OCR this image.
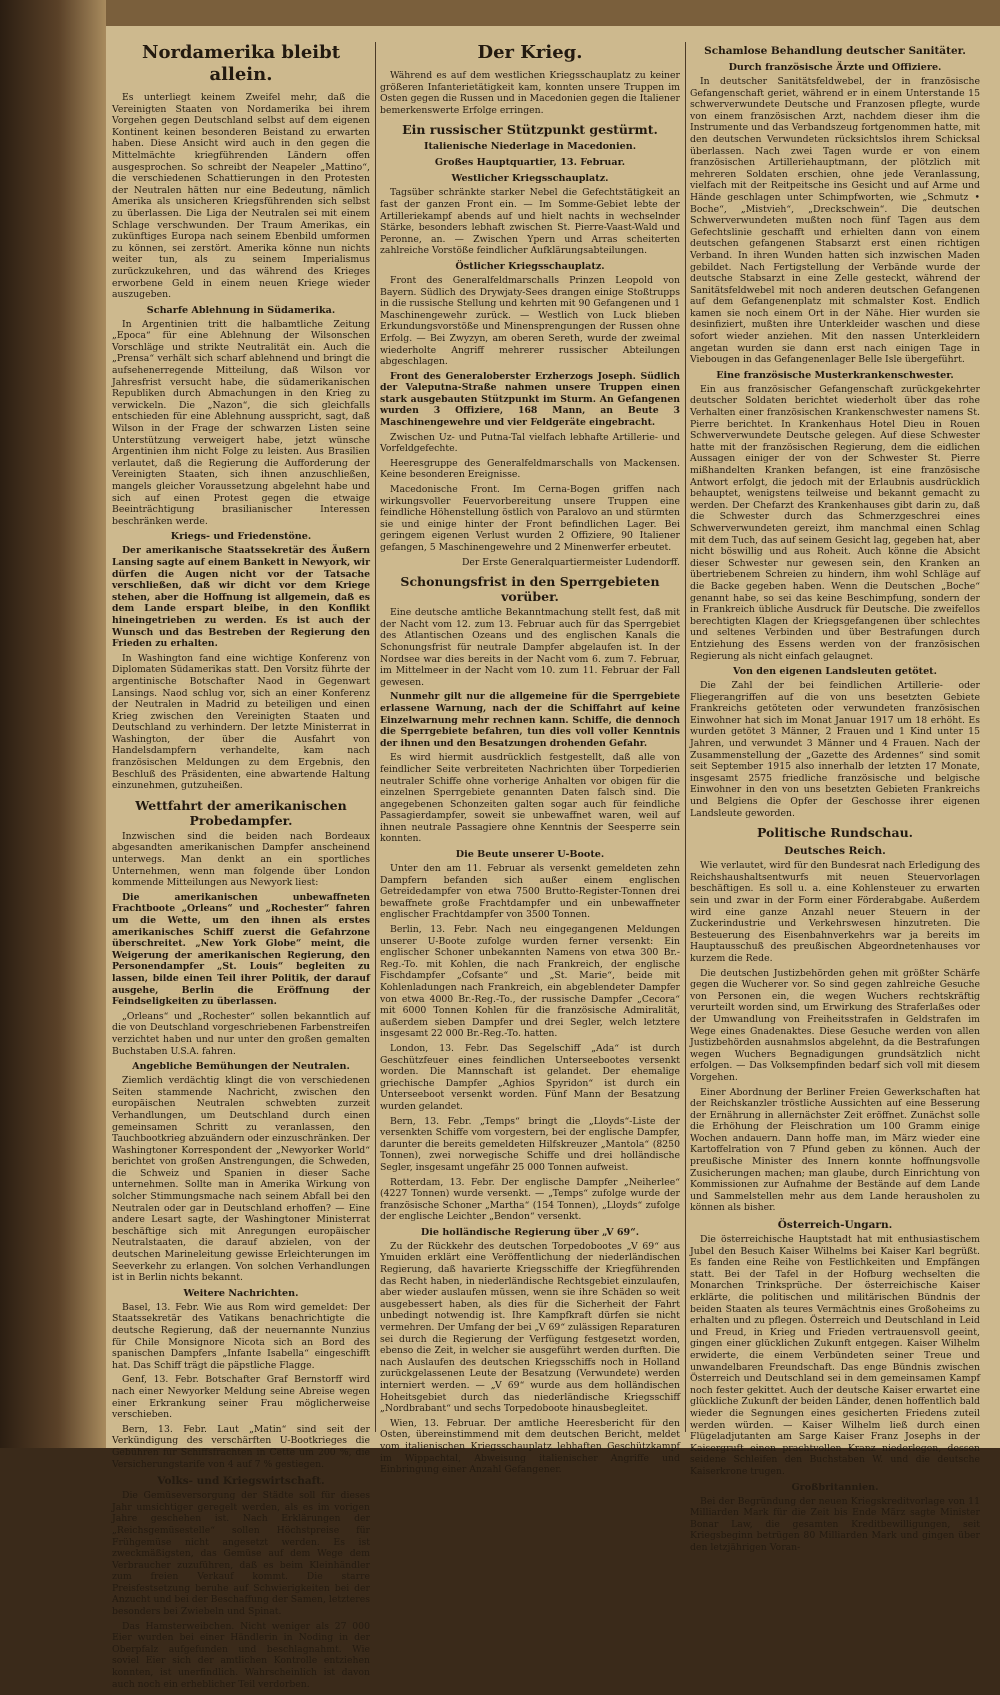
Nordamerika bleibt allein.

Es unterliegt keinem Zweifel mehr, daß die Vereinigten Staaten von Nordamerika bei ihrem Vorgehen gegen Deutschland selbst auf dem eigenen Kontinent keinen besonderen Beistand zu erwarten haben. Diese Ansicht wird auch in den gegen die Mittelmächte kriegführenden Ländern offen ausgesprochen. So schreibt der Neapeler „Mattino“, die verschiedenen Schattierungen in den Protesten der Neutralen hätten nur eine Bedeutung, nämlich Amerika als unsicheren Kriegsführenden sich selbst zu überlassen. Die Liga der Neutralen sei mit einem Schlage verschwunden. Der Traum Amerikas, ein zukünftiges Europa nach seinem Ebenbild umformen zu können, sei zerstört. Amerika könne nun nichts weiter tun, als zu seinem Imperialismus zurückzukehren, und das während des Krieges erworbene Geld in einem neuen Kriege wieder auszugeben.

Scharfe Ablehnung in Südamerika.

In Argentinien tritt die halbamtliche Zeitung „Epoca“ für eine Ablehnung der Wilsonschen Vorschläge und strikte Neutralität ein. Auch die „Prensa“ verhält sich scharf ablehnend und bringt die aufsehenerregende Mitteilung, daß Wilson vor Jahresfrist versucht habe, die südamerikanischen Republiken durch Abmachungen in den Krieg zu verwickeln. Die „Nazon“, die sich gleichfalls entschieden für eine Ablehnung ausspricht, sagt, daß Wilson in der Frage der schwarzen Listen seine Unterstützung verweigert habe, jetzt wünsche Argentinien ihm nicht Folge zu leisten. Aus Brasilien verlautet, daß die Regierung die Aufforderung der Vereinigten Staaten, sich ihnen anzuschließen, mangels gleicher Voraussetzung abgelehnt habe und sich auf einen Protest gegen die etwaige Beeinträchtigung brasilianischer Interessen beschränken werde.

Kriegs- und Friedenstöne.

Der amerikanische Staatssekretär des Äußern Lansing sagte auf einem Bankett in Newyork, wir dürfen die Augen nicht vor der Tatsache verschließen, daß wir dicht vor dem Kriege stehen, aber die Hoffnung ist allgemein, daß es dem Lande erspart bleibe, in den Konflikt hineingetrieben zu werden. Es ist auch der Wunsch und das Bestreben der Regierung den Frieden zu erhalten.

In Washington fand eine wichtige Konferenz von Diplomaten Südamerikas statt. Den Vorsitz führte der argentinische Botschafter Naod in Gegenwart Lansings. Naod schlug vor, sich an einer Konferenz der Neutralen in Madrid zu beteiligen und einen Krieg zwischen den Vereinigten Staaten und Deutschland zu verhindern. Der letzte Ministerrat in Washington, der über die Ausfahrt von Handelsdampfern verhandelte, kam nach französischen Meldungen zu dem Ergebnis, den Beschluß des Präsidenten, eine abwartende Haltung einzunehmen, gutzuheißen.

Wettfahrt der amerikanischen Probedampfer.

Inzwischen sind die beiden nach Bordeaux abgesandten amerikanischen Dampfer anscheinend unterwegs. Man denkt an ein sportliches Unternehmen, wenn man folgende über London kommende Mitteilungen aus Newyork liest:

Die amerikanischen unbewaffneten Frachtboote „Orleans“ und „Rochester“ fahren um die Wette, um den ihnen als erstes amerikanisches Schiff zuerst die Gefahrzone überschreitet. „New York Globe“ meint, die Weigerung der amerikanischen Regierung, den Personendampfer „St. Louis“ begleiten zu lassen, bilde einen Teil ihrer Politik, der darauf ausgehe, Berlin die Eröffnung der Feindseligkeiten zu überlassen.

„Orleans“ und „Rochester“ sollen bekanntlich auf die von Deutschland vorgeschriebenen Farbenstreifen verzichtet haben und nur unter den großen gemalten Buchstaben U.S.A. fahren.

Angebliche Bemühungen der Neutralen.

Ziemlich verdächtig klingt die von verschiedenen Seiten stammende Nachricht, zwischen den europäischen Neutralen schwebten zurzeit Verhandlungen, um Deutschland durch einen gemeinsamen Schritt zu veranlassen, den Tauchbootkrieg abzuändern oder einzuschränken. Der Washingtoner Korrespondent der „Newyorker World“ berichtet von großen Anstrengungen, die Schweden, die Schweiz und Spanien in dieser Sache unternehmen. Sollte man in Amerika Wirkung von solcher Stimmungsmache nach seinem Abfall bei den Neutralen oder gar in Deutschland erhoffen? — Eine andere Lesart sagte, der Washingtoner Ministerrat beschäftige sich mit Anregungen europäischer Neutralstaaten, die darauf abzielen, von der deutschen Marineleitung gewisse Erleichterungen im Seeverkehr zu erlangen. Von solchen Verhandlungen ist in Berlin nichts bekannt.

Weitere Nachrichten.

Basel, 13. Febr. Wie aus Rom wird gemeldet: Der Staatssekretär des Vatikans benachrichtigte die deutsche Regierung, daß der neuernannte Nunzius für Chile Monsignore Nicota sich an Bord des spanischen Dampfers „Infante Isabella“ eingeschifft hat. Das Schiff trägt die päpstliche Flagge.

Genf, 13. Febr. Botschafter Graf Bernstorff wird nach einer Newyorker Meldung seine Abreise wegen einer Erkrankung seiner Frau möglicherweise verschieben.

Bern, 13. Febr. Laut „Matin“ sind seit der Verkündigung des verschärften U-Bootkrieges die Gebühren für Schiffsfrachten in Cette um 200 %, die Versicherungstarife von 4 auf 7 % gestiegen.

Volks- und Kriegswirtschaft.

Die Gemüseversorgung der Städte soll für dieses Jahr umsichtiger geregelt werden, als es im vorigen Jahre geschehen ist. Nach Erklärungen der „Reichsgemüsestelle“ sollen Höchstpreise für Frühgemüse nicht angesetzt werden. Es ist zweckmäßigsten, das Gemüse auf dem Wege dem Verbraucher zuzuführen, daß es beim Kleinhändler zum freien Verkauf kommt. Die starre Preisfestsetzung beruhe auf Schwierigkeiten bei der Anzucht und bei der Beschaffung der Samen, letzteres besonders bei Zwiebeln und Spinat.

Das Hamsterweibchen. Nicht weniger als 27 000 Eier wurden bei einer Händlerin in Noding in der Oberpfalz aufgefunden und beschlagnahmt. Wie soviel Eier sich der amtlichen Kontrolle entziehen konnten, ist unerfindlich. Wahrscheinlich ist davon auch noch ein erheblicher Teil verdorben.

Der Krieg.

Während es auf dem westlichen Kriegsschauplatz zu keiner größeren Infanterietätigkeit kam, konnten unsere Truppen im Osten gegen die Russen und in Macedonien gegen die Italiener bemerkenswerte Erfolge erringen.

Ein russischer Stützpunkt gestürmt.
Italienische Niederlage in Macedonien.
Großes Hauptquartier, 13. Februar.
Westlicher Kriegsschauplatz.

Tagsüber schränkte starker Nebel die Gefechtstätigkeit an fast der ganzen Front ein. — Im Somme-Gebiet lebte der Artilleriekampf abends auf und hielt nachts in wechselnder Stärke, besonders lebhaft zwischen St. Pierre-Vaast-Wald und Peronne, an. — Zwischen Ypern und Arras scheiterten zahlreiche Vorstöße feindlicher Aufklärungsabteilungen.

Östlicher Kriegsschauplatz.

Front des Generalfeldmarschalls Prinzen Leopold von Bayern. Südlich des Drywjaty-Sees drangen einige Stoßtrupps in die russische Stellung und kehrten mit 90 Gefangenen und 1 Maschinengewehr zurück. — Westlich von Luck blieben Erkundungsvorstöße und Minensprengungen der Russen ohne Erfolg. — Bei Zwyzyn, am oberen Sereth, wurde der zweimal wiederholte Angriff mehrerer russischer Abteilungen abgeschlagen.

Front des Generaloberster Erzherzogs Joseph. Südlich der Valeputna-Straße nahmen unsere Truppen einen stark ausgebauten Stützpunkt im Sturm. An Gefangenen wurden 3 Offiziere, 168 Mann, an Beute 3 Maschinengewehre und vier Feldgeräte eingebracht.

Zwischen Uz- und Putna-Tal vielfach lebhafte Artillerie- und Vorfeldgefechte.

Heeresgruppe des Generalfeldmarschalls von Mackensen. Keine besonderen Ereignisse.

Macedonische Front. Im Cerna-Bogen griffen nach wirkungsvoller Feuervorbereitung unsere Truppen eine feindliche Höhenstellung östlich von Paralovo an und stürmten sie und einige hinter der Front befindlichen Lager. Bei geringem eigenen Verlust wurden 2 Offiziere, 90 Italiener gefangen, 5 Maschinengewehre und 2 Minenwerfer erbeutet.

Der Erste Generalquartiermeister Ludendorff.

Schonungsfrist in den Sperrgebieten vorüber.

Eine deutsche amtliche Bekanntmachung stellt fest, daß mit der Nacht vom 12. zum 13. Februar auch für das Sperrgebiet des Atlantischen Ozeans und des englischen Kanals die Schonungsfrist für neutrale Dampfer abgelaufen ist. In der Nordsee war dies bereits in der Nacht vom 6. zum 7. Februar, im Mittelmeer in der Nacht vom 10. zum 11. Februar der Fall gewesen.

Nunmehr gilt nur die allgemeine für die Sperrgebiete erlassene Warnung, nach der die Schiffahrt auf keine Einzelwarnung mehr rechnen kann. Schiffe, die dennoch die Sperrgebiete befahren, tun dies voll voller Kenntnis der ihnen und den Besatzungen drohenden Gefahr.

Es wird hiermit ausdrücklich festgestellt, daß alle von feindlicher Seite verbreiteten Nachrichten über Torpedierien neutraler Schiffe ohne vorherige Anhalten vor obigen für die einzelnen Sperrgebiete genannten Daten falsch sind. Die angegebenen Schonzeiten galten sogar auch für feindliche Passagierdampfer, soweit sie unbewaffnet waren, weil auf ihnen neutrale Passagiere ohne Kenntnis der Seesperre sein konnten.

Die Beute unserer U-Boote.

Unter den am 11. Februar als versenkt gemeldeten zehn Dampfern befanden sich außer einem englischen Getreidedampfer von etwa 7500 Brutto-Register-Tonnen drei bewaffnete große Frachtdampfer und ein unbewaffneter englischer Frachtdampfer von 3500 Tonnen.

Berlin, 13. Febr. Nach neu eingegangenen Meldungen unserer U-Boote zufolge wurden ferner versenkt: Ein englischer Schoner unbekannten Namens von etwa 300 Br.-Reg.-To. mit Kohlen, die nach Frankreich, der englische Fischdampfer „Cofsante“ und „St. Marie“, beide mit Kohlenladungen nach Frankreich, ein abgeblendeter Dampfer von etwa 4000 Br.-Reg.-To., der russische Dampfer „Cecora“ mit 6000 Tonnen Kohlen für die französische Admiralität, außerdem sieben Dampfer und drei Segler, welch letztere insgesamt 22 000 Br.-Reg.-To. hatten.

London, 13. Febr. Das Segelschiff „Ada“ ist durch Geschützfeuer eines feindlichen Unterseebootes versenkt worden. Die Mannschaft ist gelandet. Der ehemalige griechische Dampfer „Aghios Spyridon“ ist durch ein Unterseeboot versenkt worden. Fünf Mann der Besatzung wurden gelandet.

Bern, 13. Febr. „Temps“ bringt die „Lloyds“-Liste der versenkten Schiffe vom vorgestern, bei der englische Dampfer, darunter die bereits gemeldeten Hilfskreuzer „Mantola“ (8250 Tonnen), zwei norwegische Schiffe und drei holländische Segler, insgesamt ungefähr 25 000 Tonnen aufweist.

Rotterdam, 13. Febr. Der englische Dampfer „Neiherlee“ (4227 Tonnen) wurde versenkt. — „Temps“ zufolge wurde der französische Schoner „Martha“ (154 Tonnen), „Lloyds“ zufolge der englische Leichter „Bendon“ versenkt.

Die holländische Regierung über „V 69“.

Zu der Rückkehr des deutschen Torpedobootes „V 69“ aus Ymuiden erklärt eine Veröffentlichung der niederländischen Regierung, daß havarierte Kriegsschiffe der Kriegführenden das Recht haben, in niederländische Rechtsgebiet einzulaufen, aber wieder auslaufen müssen, wenn sie ihre Schäden so weit ausgebessert haben, als dies für die Sicherheit der Fahrt unbedingt notwendig ist. Ihre Kampfkraft dürfen sie nicht vermehren. Der Umfang der bei „V 69“ zulässigen Reparaturen sei durch die Regierung der Verfügung festgesetzt worden, ebenso die Zeit, in welcher sie ausgeführt werden durften. Die nach Auslaufen des deutschen Kriegsschiffs noch in Holland zurückgelassenen Leute der Besatzung (Verwundete) werden interniert werden. — „V 69“ wurde aus dem holländischen Hoheitsgebiet durch das niederländische Kriegsschiff „Nordbrabant“ und sechs Torpedoboote hinausbegleitet.

Wien, 13. Februar. Der amtliche Heeresbericht für den Osten, übereinstimmend mit dem deutschen Bericht, meldet vom italienischen Kriegsschauplatz lebhaften Geschützkampf im Wippachtal, Abweisung italienischer Angriffe und Einbringung einer Anzahl Gefangener.

Schamlose Behandlung deutscher Sanitäter.
Durch französische Ärzte und Offiziere.

In deutscher Sanitätsfeldwebel, der in französische Gefangenschaft geriet, während er in einem Unterstande 15 schwerverwundete Deutsche und Franzosen pflegte, wurde von einem französischen Arzt, nachdem dieser ihm die Instrumente und das Verbandszeug fortgenommen hatte, mit den deutschen Verwundeten rücksichtslos ihrem Schicksal überlassen. Nach zwei Tagen wurde er von einem französischen Artilleriehauptmann, der plötzlich mit mehreren Soldaten erschien, ohne jede Veranlassung, vielfach mit der Reitpeitsche ins Gesicht und auf Arme und Hände geschlagen unter Schimpfworten, wie „Schmutz • Boche“, „Mistvieh“, „Dreckschwein“. Die deutschen Schwerverwundeten mußten noch fünf Tagen aus dem Gefechtslinie geschafft und erhielten dann von einem deutschen gefangenen Stabsarzt erst einen richtigen Verband. In ihren Wunden hatten sich inzwischen Maden gebildet. Nach Fertigstellung der Verbände wurde der deutsche Stabsarzt in eine Zelle gesteckt, während der Sanitätsfeldwebel mit noch anderen deutschen Gefangenen auf dem Gefangenenplatz mit schmalster Kost. Endlich kamen sie noch einem Ort in der Nähe. Hier wurden sie desinfiziert, mußten ihre Unterkleider waschen und diese sofort wieder anziehen. Mit den nassen Unterkleidern angetan wurden sie dann erst nach einigen Tage in Viebougen in das Gefangenenlager Belle Isle übergeführt.

Eine französische Musterkrankenschwester.

Ein aus französischer Gefangenschaft zurückgekehrter deutscher Soldaten berichtet wiederholt über das rohe Verhalten einer französischen Krankenschwester namens St. Pierre berichtet. In Krankenhaus Hotel Dieu in Rouen Schwerverwundete Deutsche gelegen. Auf diese Schwester hatte mit der französischen Regierung, dem die eidlichen Aussagen einiger der von der Schwester St. Pierre mißhandelten Kranken befangen, ist eine französische Antwort erfolgt, die jedoch mit der Erlaubnis ausdrücklich behauptet, wenigstens teilweise und bekannt gemacht zu werden. Der Chefarzt des Krankenhauses gibt darin zu, daß die Schwester durch das Schmerzgeschrei eines Schwerverwundeten gereizt, ihm manchmal einen Schlag mit dem Tuch, das auf seinem Gesicht lag, gegeben hat, aber nicht böswillig und aus Roheit. Auch könne die Absicht dieser Schwester nur gewesen sein, den Kranken an übertriebenem Schreien zu hindern, ihm wohl Schläge auf die Backe gegeben haben. Wenn die Deutschen „Boche“ genannt habe, so sei das keine Beschimpfung, sondern der in Frankreich übliche Ausdruck für Deutsche. Die zweifellos berechtigten Klagen der Kriegsgefangenen über schlechtes und seltenes Verbinden und über Bestrafungen durch Entziehung des Essens werden von der französischen Regierung als nicht einfach gelaugnet.

Von den eigenen Landsleuten getötet.

Die Zahl der bei feindlichen Artillerie- oder Fliegerangriffen auf die von uns besetzten Gebiete Frankreichs getöteten oder verwundeten französischen Einwohner hat sich im Monat Januar 1917 um 18 erhöht. Es wurden getötet 3 Männer, 2 Frauen und 1 Kind unter 15 Jahren, und verwundet 3 Männer und 4 Frauen. Nach der Zusammenstellung der „Gazette des Ardennes“ sind somit seit September 1915 also innerhalb der letzten 17 Monate, insgesamt 2575 friedliche französische und belgische Einwohner in den von uns besetzten Gebieten Frankreichs und Belgiens die Opfer der Geschosse ihrer eigenen Landsleute geworden.

Politische Rundschau.
Deutsches Reich.

Wie verlautet, wird für den Bundesrat nach Erledigung des Reichshaushaltsentwurfs mit neuen Steuervorlagen beschäftigen. Es soll u. a. eine Kohlensteuer zu erwarten sein und zwar in der Form einer Förderabgabe. Außerdem wird eine ganze Anzahl neuer Steuern in der Zuckerindustrie und Verkehrswesen hinzutreten. Die Besteuerung des Eisenbahnverkehrs war ja bereits im Hauptausschuß des preußischen Abgeordnetenhauses vor kurzem die Rede.

Die deutschen Justizbehörden gehen mit größter Schärfe gegen die Wucherer vor. So sind gegen zahlreiche Gesuche von Personen ein, die wegen Wuchers rechtskräftig verurteilt worden sind, um Erwirkung des Straferlaßes oder der Umwandlung von Freiheitsstrafen in Geldstrafen im Wege eines Gnadenaktes. Diese Gesuche werden von allen Justizbehörden ausnahmslos abgelehnt, da die Bestrafungen wegen Wuchers Begnadigungen grundsätzlich nicht erfolgen. — Das Volksempfinden bedarf sich voll mit diesem Vorgehen.

Einer Abordnung der Berliner Freien Gewerkschaften hat der Reichskanzler tröstliche Aussichten auf eine Besserung der Ernährung in allernächster Zeit eröffnet. Zunächst solle die Erhöhung der Fleischration um 100 Gramm einige Wochen andauern. Dann hoffe man, im März wieder eine Kartoffelration von 7 Pfund geben zu können. Auch der preußische Minister des Innern konnte hoffnungsvolle Zusicherungen machen; man glaube, durch Einrichtung von Kommissionen zur Aufnahme der Bestände auf dem Lande und Sammelstellen mehr aus dem Lande herausholen zu können als bisher.

Österreich-Ungarn.

Die österreichische Hauptstadt hat mit enthusiastischem Jubel den Besuch Kaiser Wilhelms bei Kaiser Karl begrüßt. Es fanden eine Reihe von Festlichkeiten und Empfängen statt. Bei der Tafel in der Hofburg wechselten die Monarchen Trinksprüche. Der österreichische Kaiser erklärte, die politischen und militärischen Bündnis der beiden Staaten als teures Vermächtnis eines Großoheims zu erhalten und zu pflegen. Österreich und Deutschland in Leid und Freud, in Krieg und Frieden vertrauensvoll geeint, gingen einer glücklichen Zukunft entgegen. Kaiser Wilhelm erwiderte, die einem Verbündeten seiner Treue und unwandelbaren Freundschaft. Das enge Bündnis zwischen Österreich und Deutschland sei in dem gemeinsamen Kampf noch fester gekittet. Auch der deutsche Kaiser erwartet eine glückliche Zukunft der beiden Länder, denen hoffentlich bald wieder die Segnungen eines gesicherten Friedens zuteil werden würden. — Kaiser Wilhelm ließ durch einen Flügeladjutanten am Sarge Kaiser Franz Josephs in der Kaisergruft einen prachtvollen Kranz niederlegen, dessen seidene Schleifen den Buchstaben W. und die deutsche Kaiserkrone trugen.

Großbritannien.

Bei der Begründung der neuen Kriegskreditvorlage von 11 Milliarden Mark für die Zeit bis Ende März sagte Minister Bonar Law, die gesamten Kreditbewilligungen, seit Kriegsbeginn betrügen 80 Milliarden Mark und gingen über den letzjährigen Voran-
